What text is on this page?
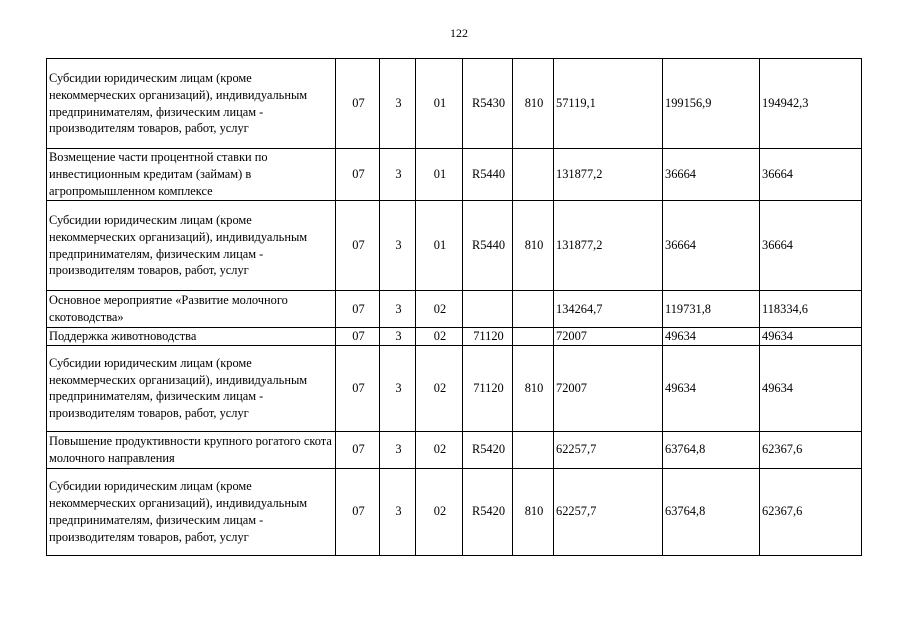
122
Субсидии юридическим лицам (кроме некоммерческих организаций), индивидуальным предпринимателям, физическим лицам - производителям товаров, работ, услуг	07	3	01	R5430	810	57119,1	199156,9	194942,3

Возмещение части процентной ставки по инвестиционным кредитам (займам) в агропромышленном комплексе	07	3	01	R5440		131877,2	36664	36664

Субсидии юридическим лицам (кроме некоммерческих организаций), индивидуальным предпринимателям, физическим лицам - производителям товаров, работ, услуг	07	3	01	R5440	810	131877,2	36664	36664

Основное мероприятие «Развитие молочного скотоводства»	07	3	02			134264,7	119731,8	118334,6

Поддержка животноводства	07	3	02	71120		72007	49634	49634

Субсидии юридическим лицам (кроме некоммерческих организаций), индивидуальным предпринимателям, физическим лицам - производителям товаров, работ, услуг	07	3	02	71120	810	72007	49634	49634

Повышение продуктивности крупного рогатого скота молочного направления	07	3	02	R5420		62257,7	63764,8	62367,6

Субсидии юридическим лицам (кроме некоммерческих организаций), индивидуальным предпринимателям, физическим лицам - производителям товаров, работ, услуг	07	3	02	R5420	810	62257,7	63764,8	62367,6
